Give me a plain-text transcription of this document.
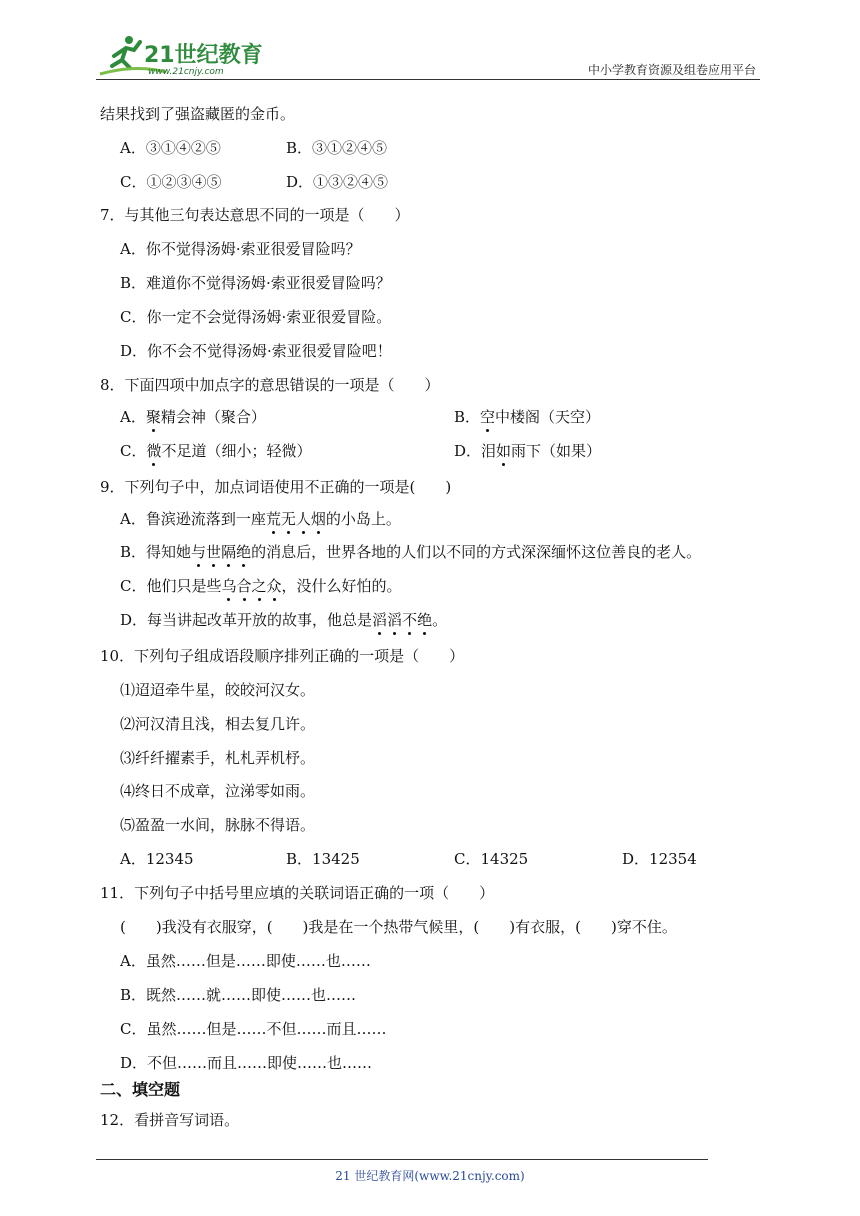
21世纪教育
www.21cnjy.com	中小学教育资源及组卷应用平台
结果找到了强盗藏匿的金币。
A．③①④②⑤	B．③①②④⑤
C．①②③④⑤	D．①③②④⑤
7．与其他三句表达意思不同的一项是（　　）
A．你不觉得汤姆·索亚很爱冒险吗？
B．难道你不觉得汤姆·索亚很爱冒险吗？
C．你一定不会觉得汤姆·索亚很爱冒险。
D．你不会不觉得汤姆·索亚很爱冒险吧！
8．下面四项中加点字的意思错误的一项是（　　）
A．聚精会神（聚合）	B．空中楼阁（天空）
C．微不足道（细小；轻微）	D．泪如雨下（如果）
9．下列句子中，加点词语使用不正确的一项是(　　)
A．鲁滨逊流落到一座荒无人烟的小岛上。
B．得知她与世隔绝的消息后，世界各地的人们以不同的方式深深缅怀这位善良的老人。
C．他们只是些乌合之众，没什么好怕的。
D．每当讲起改革开放的故事，他总是滔滔不绝。
10．下列句子组成语段顺序排列正确的一项是（　　）
⑴迢迢牵牛星，皎皎河汉女。
⑵河汉清且浅，相去复几许。
⑶纤纤擢素手，札札弄机杼。
⑷终日不成章，泣涕零如雨。
⑸盈盈一水间，脉脉不得语。
A．12345	B．13425	C．14325	D．12354
11．下列句子中括号里应填的关联词语正确的一项（　　）
(　　)我没有衣服穿，(　　)我是在一个热带气候里，(　　)有衣服，(　　)穿不住。
A．虽然……但是……即使……也……
B．既然……就……即使……也……
C．虽然……但是……不但……而且……
D．不但……而且……即使……也……
二、填空题
12．看拼音写词语。
21 世纪教育网(www.21cnjy.com)
